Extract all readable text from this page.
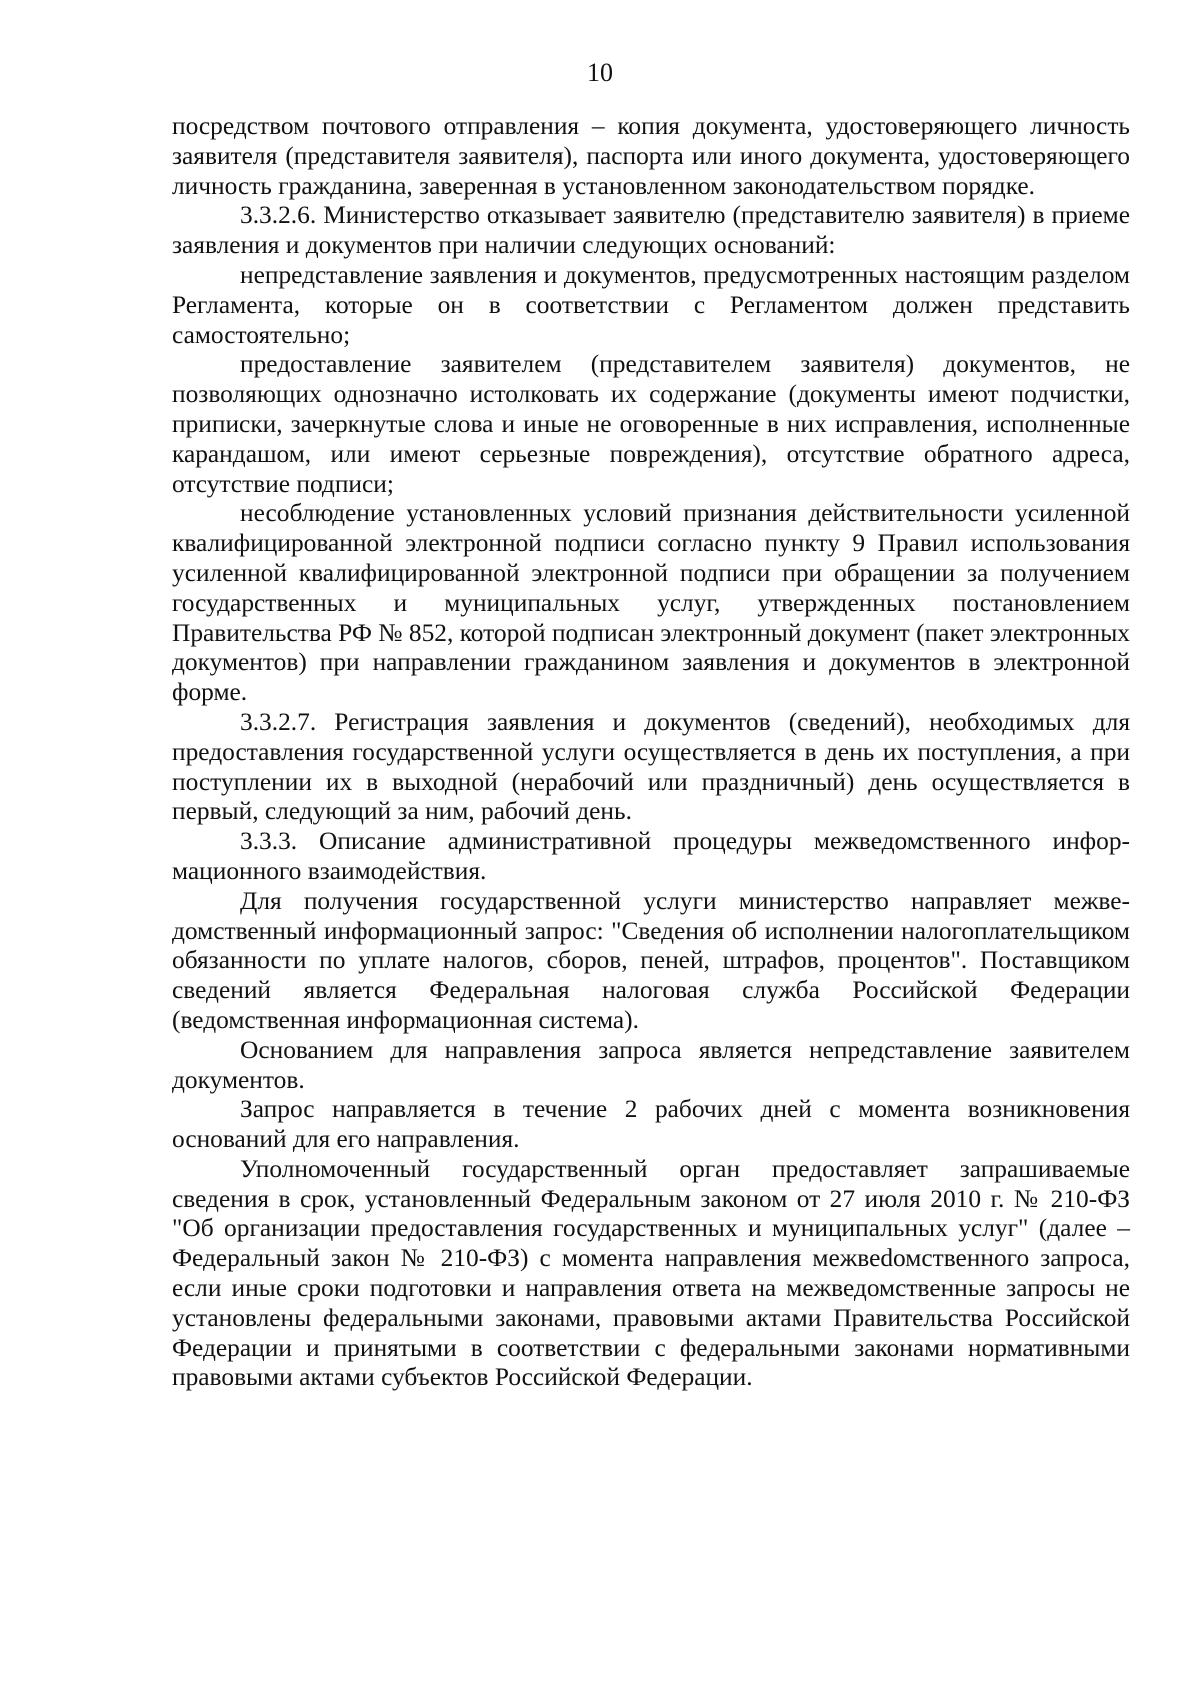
10

посредством почтового отправления – копия документа, удостоверяющего личность заявителя (представителя заявителя), паспорта или иного документа, удостоверяющего личность гражданина, заверенная в установленном законодательством порядке.

3.3.2.6. Министерство отказывает заявителю (представителю заявителя) в приеме заявления и документов при наличии следующих оснований:

непредставление заявления и документов, предусмотренных настоящим разделом Регламента, которые он в соответствии с Регламентом должен представить самостоятельно;

предоставление заявителем (представителем заявителя) документов, не позволяющих однозначно истолковать их содержание (документы имеют подчистки, приписки, зачеркнутые слова и иные не оговоренные в них исправления, исполненные карандашом, или имеют серьезные повреждения), отсутствие обратного адреса, отсутствие подписи;

несоблюдение установленных условий признания действительности усиленной квалифицированной электронной подписи согласно пункту 9 Правил использования усиленной квалифицированной электронной подписи при обращении за получением государственных и муниципальных услуг, утвержденных постановлением Правительства РФ № 852, которой подписан электронный документ (пакет электронных документов) при направлении гражданином заявления и документов в электронной форме.

3.3.2.7. Регистрация заявления и документов (сведений), необходимых для предоставления государственной услуги осуществляется в день их поступления, а при поступлении их в выходной (нерабочий или праздничный) день осуществляется в первый, следующий за ним, рабочий день.

3.3.3. Описание административной процедуры межведомственного информационного взаимодействия.

Для получения государственной услуги министерство направляет межведомственный информационный запрос: "Сведения об исполнении налогоплательщиком обязанности по уплате налогов, сборов, пеней, штрафов, процентов". Поставщиком сведений является Федеральная налоговая служба Российской Федерации (ведомственная информационная система).

Основанием для направления запроса является непредставление заявителем документов.

Запрос направляется в течение 2 рабочих дней с момента возникновения оснований для его направления.

Уполномоченный государственный орган предоставляет запрашиваемые сведения в срок, установленный Федеральным законом от 27 июля 2010 г. № 210-ФЗ "Об организации предоставления государственных и муниципальных услуг" (далее – Федеральный закон № 210-ФЗ) с момента направления межвеdомственного запроса, если иные сроки подготовки и направления ответа на межведомственные запросы не установлены федеральными законами, правовыми актами Правительства Российской Федерации и принятыми в соответствии с федеральными законами нормативными правовыми актами субъектов Российской Федерации.
